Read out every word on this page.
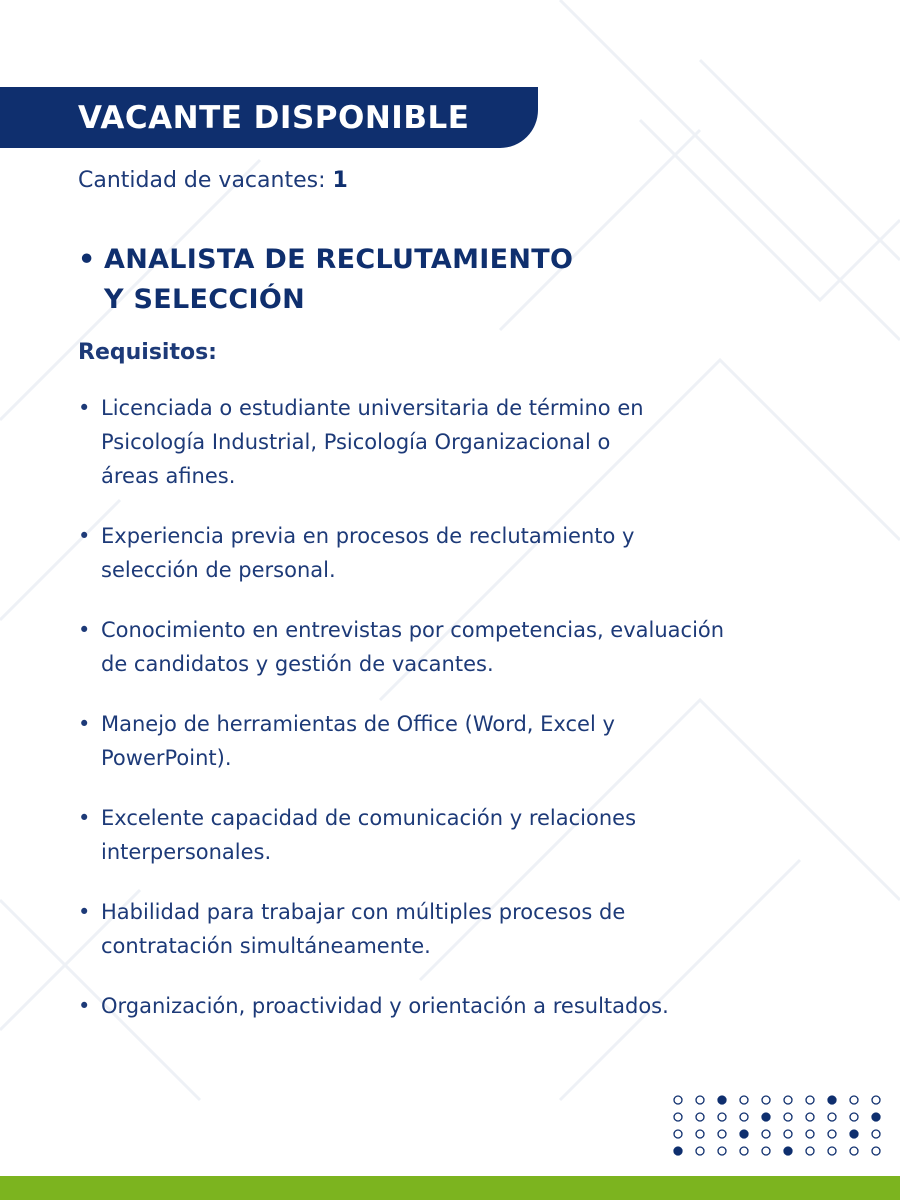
VACANTE DISPONIBLE
Cantidad de vacantes: 1
• ANALISTA DE RECLUTAMIENTO
Y SELECCIÓN
Requisitos:
• Licenciada o estudiante universitaria de término en
Psicología Industrial, Psicología Organizacional o
áreas afines.
• Experiencia previa en procesos de reclutamiento y
selección de personal.
• Conocimiento en entrevistas por competencias, evaluación
de candidatos y gestión de vacantes.
• Manejo de herramientas de Office (Word, Excel y
PowerPoint).
• Excelente capacidad de comunicación y relaciones
interpersonales.
• Habilidad para trabajar con múltiples procesos de
contratación simultáneamente.
• Organización, proactividad y orientación a resultados.
